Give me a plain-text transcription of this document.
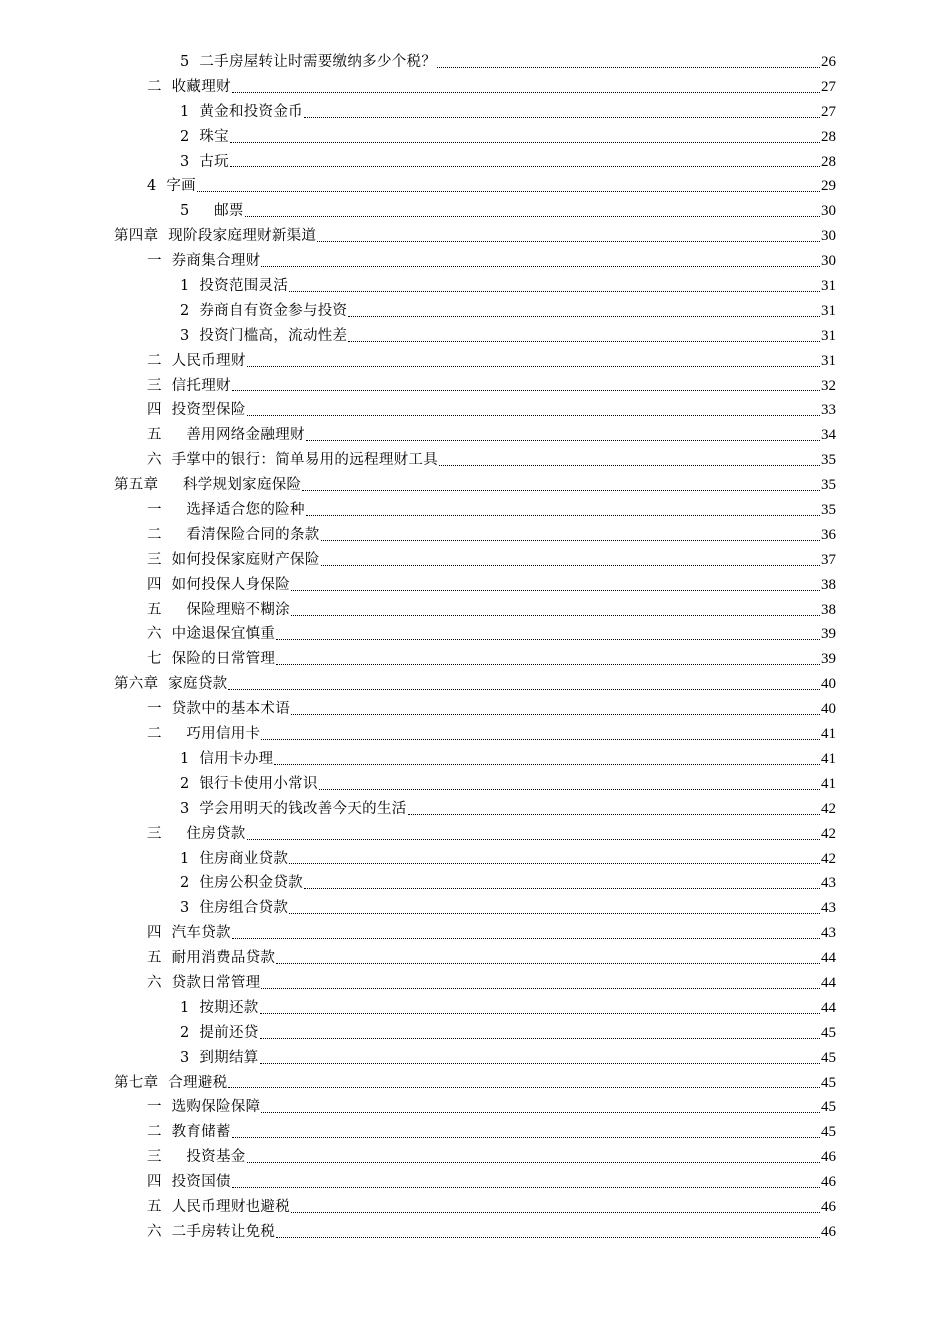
5  二手房屋转让时需要缴纳多少个税？	26
二  收藏理财	27
1  黄金和投资金币	27
2  珠宝	28
3  古玩	28
4  字画	29
5     邮票	30
第四章  现阶段家庭理财新渠道	30
一  券商集合理财	30
1  投资范围灵活	31
2  券商自有资金参与投资	31
3  投资门槛高，流动性差	31
二  人民币理财	31
三  信托理财	32
四  投资型保险	33
五     善用网络金融理财	34
六  手掌中的银行：简单易用的远程理财工具	35
第五章     科学规划家庭保险	35
一     选择适合您的险种	35
二     看清保险合同的条款	36
三  如何投保家庭财产保险	37
四  如何投保人身保险	38
五     保险理赔不糊涂	38
六  中途退保宜慎重	39
七  保险的日常管理	39
第六章  家庭贷款	40
一  贷款中的基本术语	40
二     巧用信用卡	41
1  信用卡办理	41
2  银行卡使用小常识	41
3  学会用明天的钱改善今天的生活	42
三     住房贷款	42
1  住房商业贷款	42
2  住房公积金贷款	43
3  住房组合贷款	43
四  汽车贷款	43
五  耐用消费品贷款	44
六  贷款日常管理	44
1  按期还款	44
2  提前还贷	45
3  到期结算	45
第七章  合理避税	45
一  选购保险保障	45
二  教育储蓄	45
三     投资基金	46
四  投资国债	46
五  人民币理财也避税	46
六  二手房转让免税	46
